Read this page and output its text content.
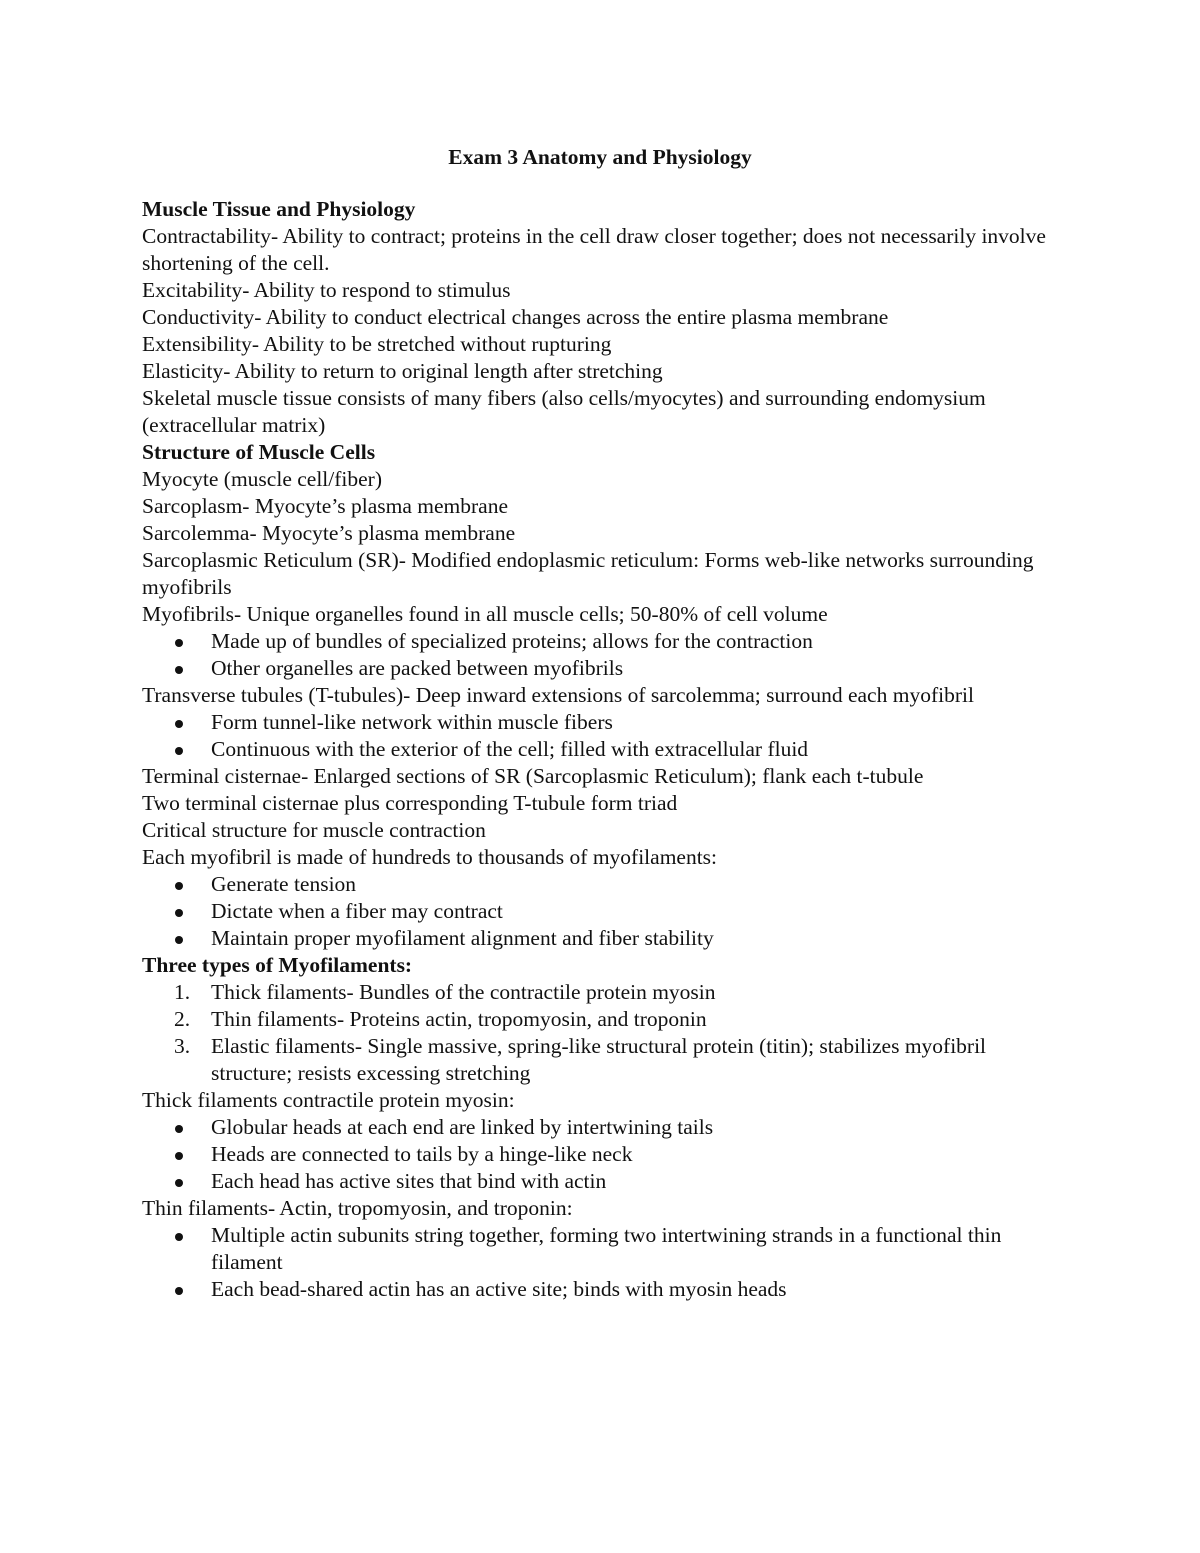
Exam 3 Anatomy and Physiology

Muscle Tissue and Physiology

Contractability- Ability to contract; proteins in the cell draw closer together; does not necessarily involve shortening of the cell.

Excitability- Ability to respond to stimulus

Conductivity- Ability to conduct electrical changes across the entire plasma membrane

Extensibility- Ability to be stretched without rupturing

Elasticity- Ability to return to original length after stretching

Skeletal muscle tissue consists of many fibers (also cells/myocytes) and surrounding endomysium (extracellular matrix)

Structure of Muscle Cells

Myocyte (muscle cell/fiber)

Sarcoplasm- Myocyte’s plasma membrane

Sarcolemma- Myocyte’s plasma membrane

Sarcoplasmic Reticulum (SR)- Modified endoplasmic reticulum: Forms web-like networks surrounding myofibrils

Myofibrils- Unique organelles found in all muscle cells; 50-80% of cell volume

Made up of bundles of specialized proteins; allows for the contraction
Other organelles are packed between myofibrils

Transverse tubules (T-tubules)- Deep inward extensions of sarcolemma; surround each myofibril

Form tunnel-like network within muscle fibers
Continuous with the exterior of the cell; filled with extracellular fluid

Terminal cisternae- Enlarged sections of SR (Sarcoplasmic Reticulum); flank each t-tubule

Two terminal cisternae plus corresponding T-tubule form triad

Critical structure for muscle contraction

Each myofibril is made of hundreds to thousands of myofilaments:

Generate tension
Dictate when a fiber may contract
Maintain proper myofilament alignment and fiber stability

Three types of Myofilaments:

1. Thick filaments- Bundles of the contractile protein myosin
2. Thin filaments- Proteins actin, tropomyosin, and troponin
3. Elastic filaments- Single massive, spring-like structural protein (titin); stabilizes myofibril structure; resists excessing stretching

Thick filaments contractile protein myosin:

Globular heads at each end are linked by intertwining tails
Heads are connected to tails by a hinge-like neck
Each head has active sites that bind with actin

Thin filaments- Actin, tropomyosin, and troponin:

Multiple actin subunits string together, forming two intertwining strands in a functional thin filament
Each bead-shared actin has an active site; binds with myosin heads
